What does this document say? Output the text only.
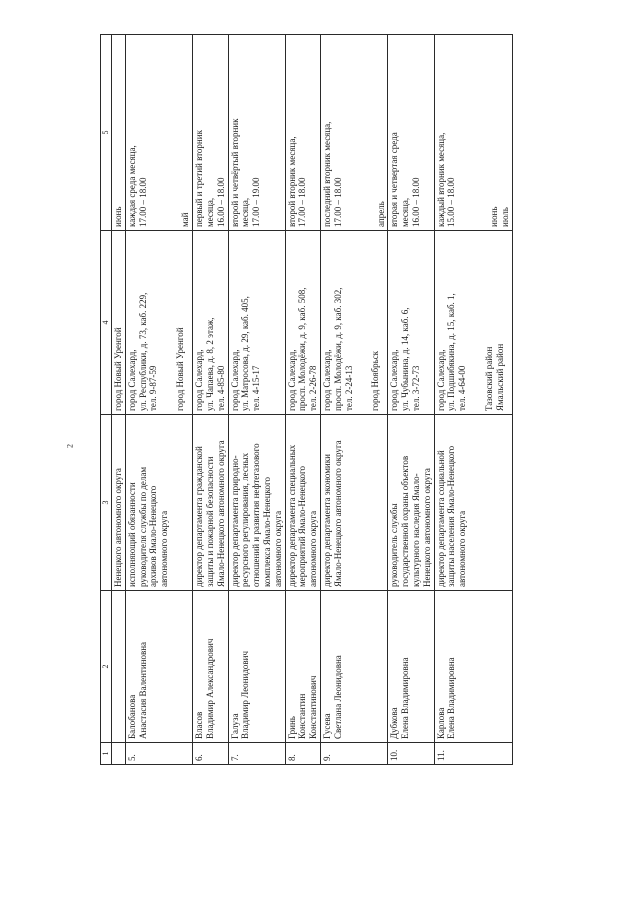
2
1	2	3	4	5

		Ненецкого автономного округа	город Новый Уренгой	июнь

5.	Балобанова Анастасия Валентиновна	исполняющий обязанности руководителя службы по делам архивов Ямало-Ненецкого автономного округа	город Салехард, ул. Республики, д. 73, каб. 229, тел. 9-87-59 город Новый Уренгой	каждая среда месяца, 17.00 – 18.00 май

6.	Власов Владимир Александрович	директор департамента гражданской защиты и пожарной безопасности Ямало-Ненецкого автономного округа	город Салехард, ул. Чапаева, д. 8, 2 этаж, тел. 4-85-80	первый и третий вторник месяца, 16.00 – 18.00

7.	Галуза Владимир Леонидович	директор департамента природно- ресурсного регулирования, лесных отношений и развития нефтегазового комплекса Ямало-Ненецкого автономного округа	город Салехард, ул. Матросова, д. 29, каб. 405, тел. 4-15-17	второй и четвёртый вторник месяца, 17.00 – 19.00

8.	Гринь Константин Константинович	директор департамента специальных мероприятий Ямало-Ненецкого автономного округа	город Салехард, просп. Молодёжи, д. 9, каб. 508, тел. 2-26-78	второй вторник месяца, 17.00 – 18.00

9.	Гусева Светлана Леонидовна	директор департамента экономики Ямало-Ненецкого автономного округа	город Салехард, просп. Молодёжи, д. 9, каб. 302, тел. 2-24-13 город Ноябрьск	последний вторник месяца, 17.00 – 18.00 апрель

10.	Дубкова Елена Владимировна	руководитель службы государственной охраны объектов культурного наследия Ямало- Ненецкого автономного округа	город Салехард, ул. Чубынина, д. 14, каб. 6, тел. 3-72-73	вторая и четвертая среда месяца, 16.00 – 18.00

11.	Карлова Елена Владимировна	директор департамента социальной защиты населения Ямало-Ненецкого автономного округа	город Салехард, ул. Подшибякина, д. 15, каб. 1, тел. 4-64-00 Тазовский район Ямальский район	каждый вторник месяца, 15.00 – 18.00 июнь июль
